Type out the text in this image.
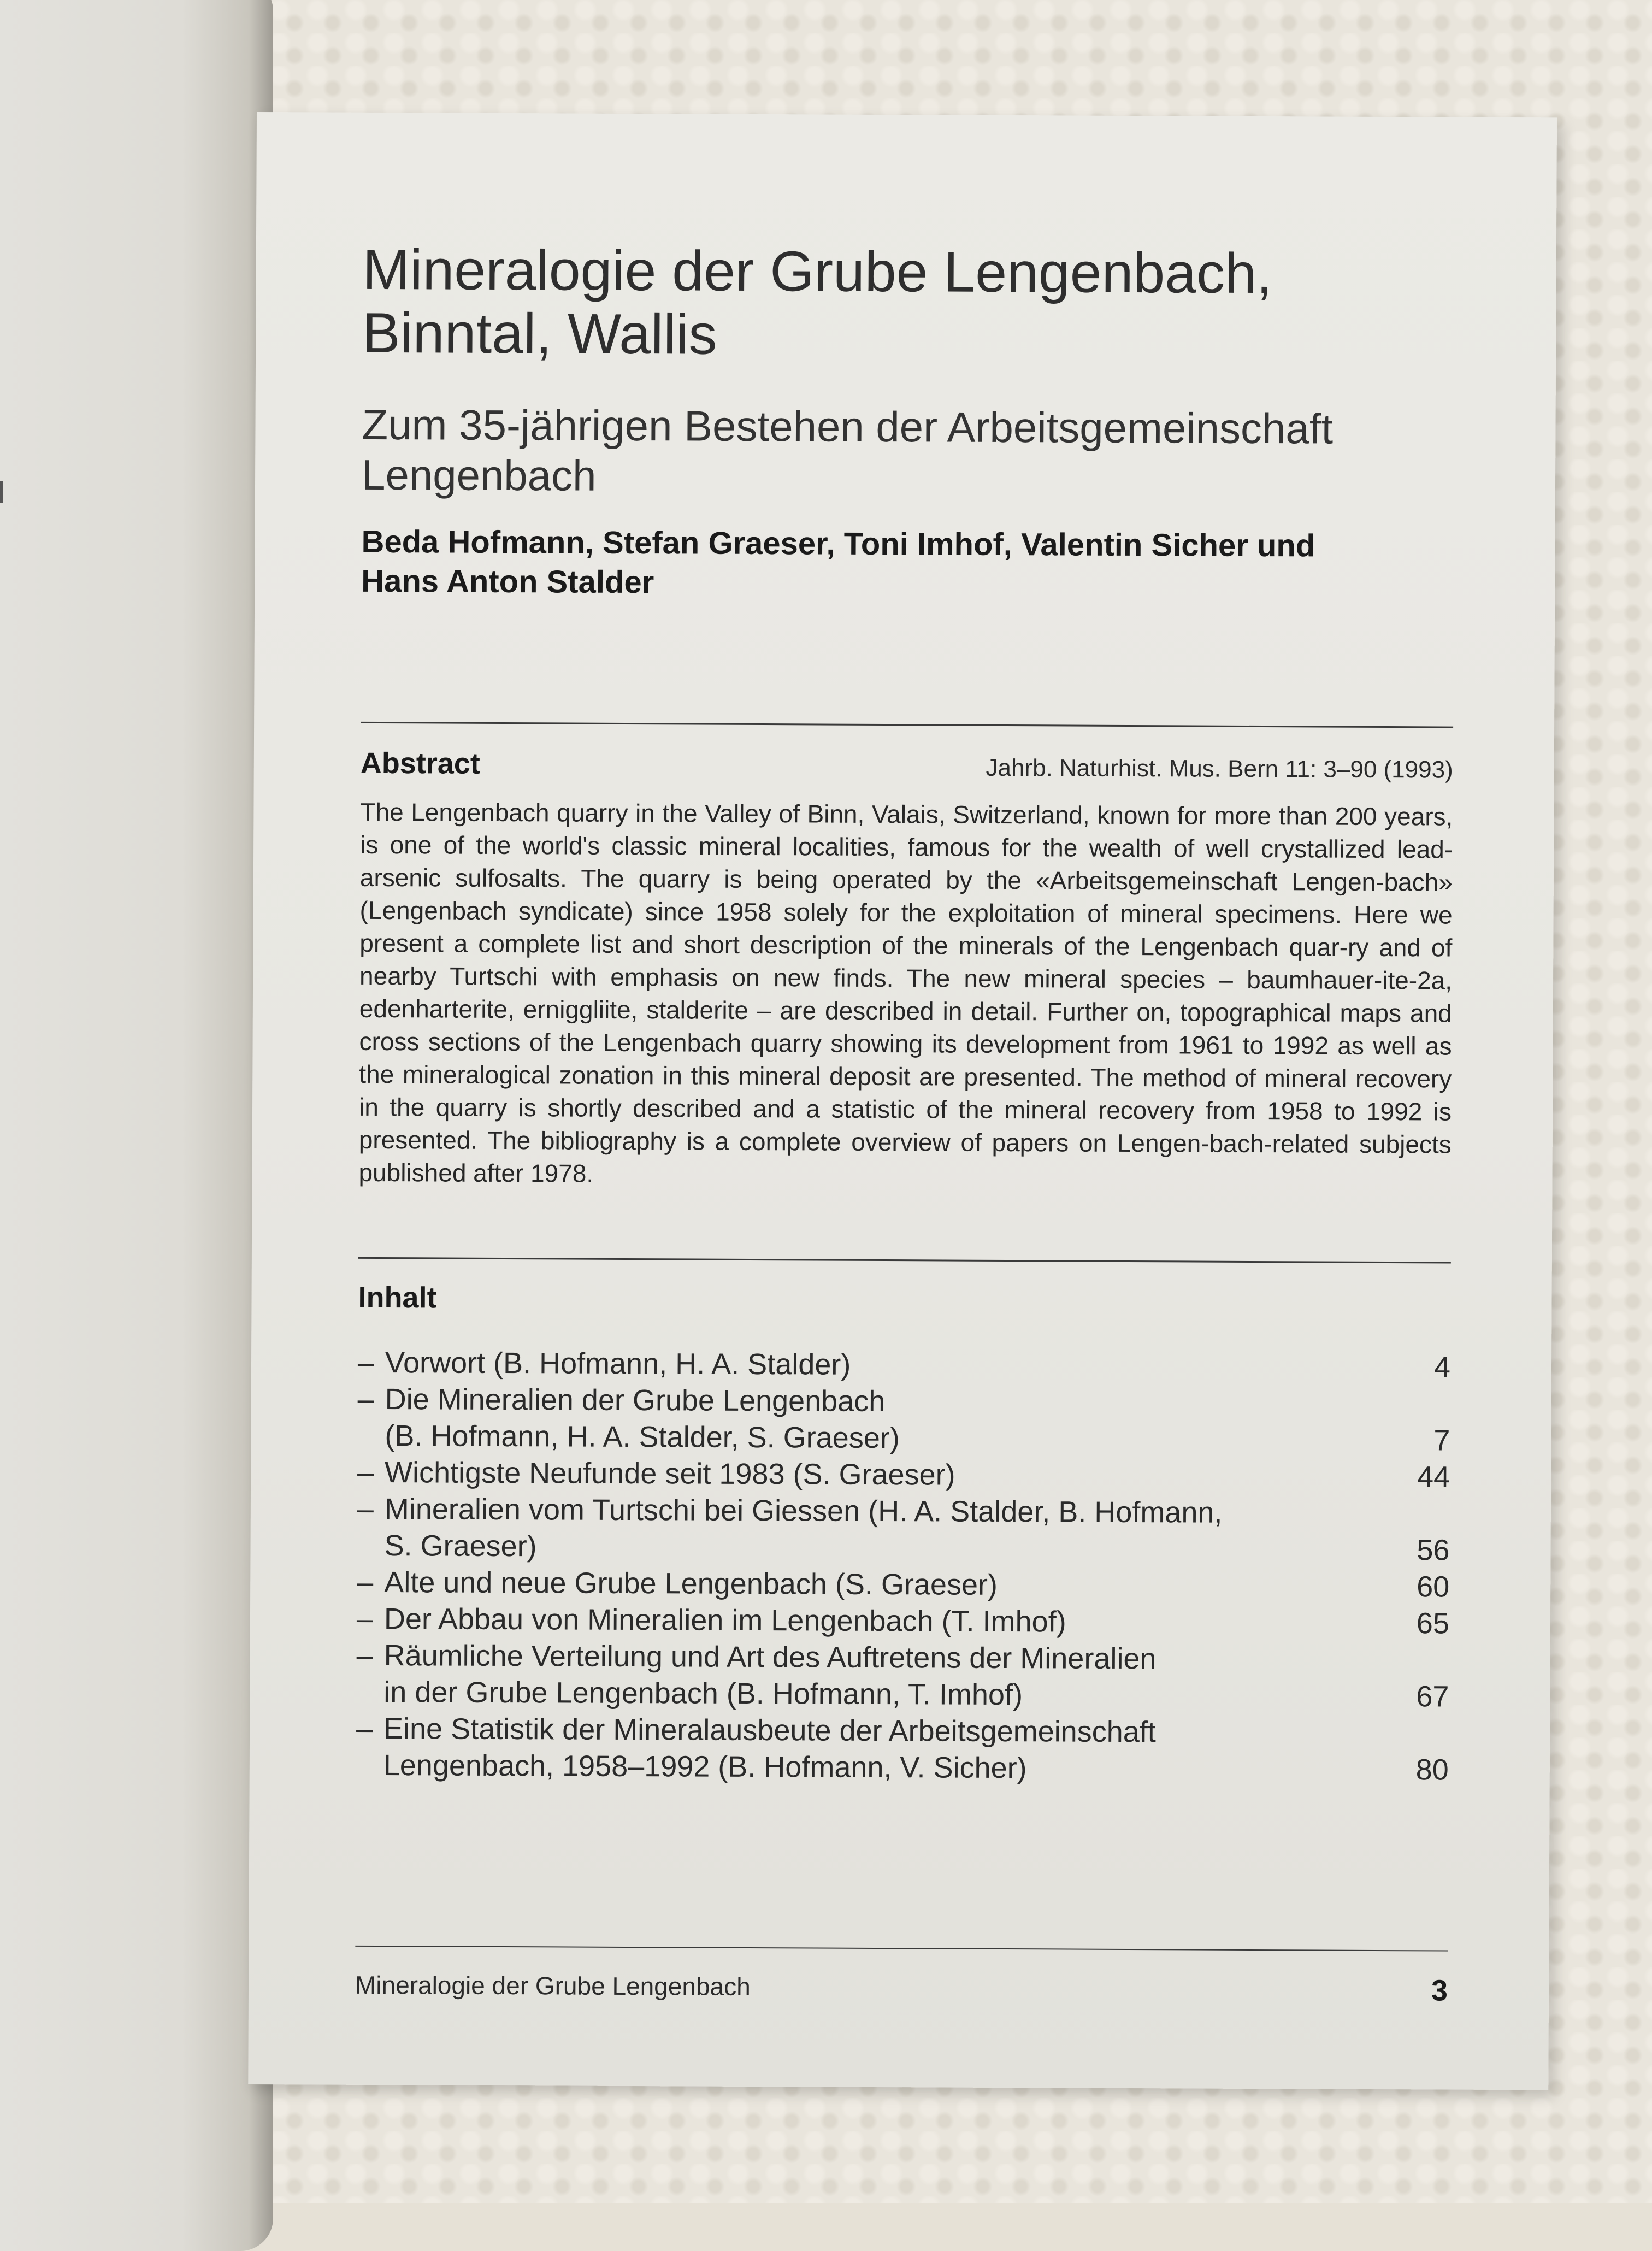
Mineralogie der Grube Lengenbach,
Binntal, Wallis
Zum 35-jährigen Bestehen der Arbeitsgemeinschaft
Lengenbach
Beda Hofmann, Stefan Graeser, Toni Imhof, Valentin Sicher und
Hans Anton Stalder
Abstract	Jahrb. Naturhist. Mus. Bern 11: 3–90 (1993)
The Lengenbach quarry in the Valley of Binn, Valais, Switzerland, known for more than 200 years, is one of the world's classic mineral localities, famous for the wealth of well crystallized lead-arsenic sulfosalts. The quarry is being operated by the «Arbeitsgemeinschaft Lengen-bach» (Lengenbach syndicate) since 1958 solely for the exploitation of mineral specimens. Here we present a complete list and short description of the minerals of the Lengenbach quar-ry and of nearby Turtschi with emphasis on new finds. The new mineral species – baumhauer-ite-2a, edenharterite, erniggliite, stalderite – are described in detail. Further on, topographical maps and cross sections of the Lengenbach quarry showing its development from 1961 to 1992 as well as the mineralogical zonation in this mineral deposit are presented. The method of mineral recovery in the quarry is shortly described and a statistic of the mineral recovery from 1958 to 1992 is presented. The bibliography is a complete overview of papers on Lengen-bach-related subjects published after 1978.
Inhalt
– Vorwort (B. Hofmann, H. A. Stalder)	4
– Die Mineralien der Grube Lengenbach
(B. Hofmann, H. A. Stalder, S. Graeser)	7
– Wichtigste Neufunde seit 1983 (S. Graeser)	44
– Mineralien vom Turtschi bei Giessen (H. A. Stalder, B. Hofmann,
S. Graeser)	56
– Alte und neue Grube Lengenbach (S. Graeser)	60
– Der Abbau von Mineralien im Lengenbach (T. Imhof)	65
– Räumliche Verteilung und Art des Auftretens der Mineralien
in der Grube Lengenbach (B. Hofmann, T. Imhof)	67
– Eine Statistik der Mineralausbeute der Arbeitsgemeinschaft
Lengenbach, 1958–1992 (B. Hofmann, V. Sicher)	80
Mineralogie der Grube Lengenbach	3
